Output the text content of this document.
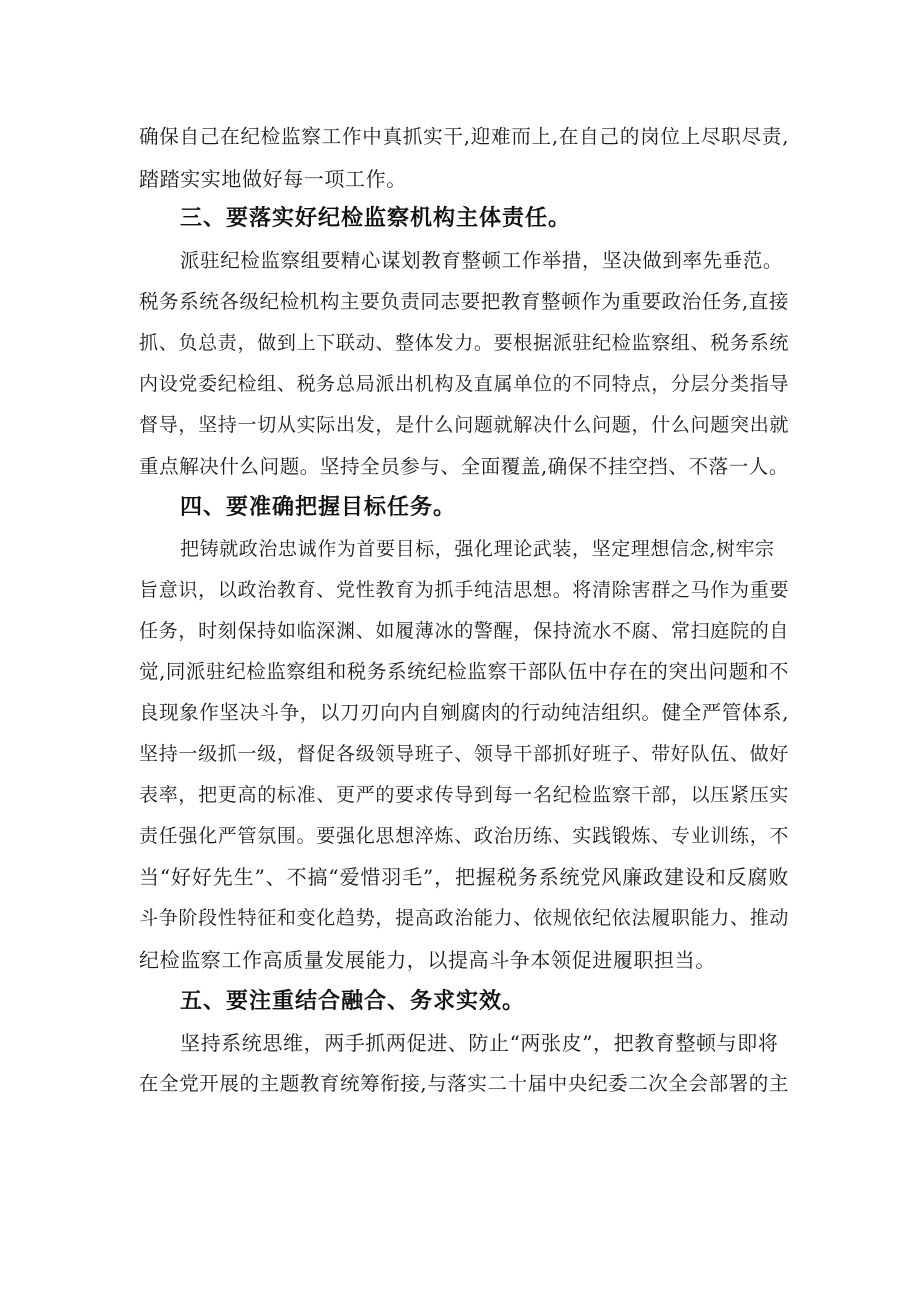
确保自己在纪检监察工作中真抓实干,迎难而上,在自己的岗位上尽职尽责,
踏踏实实地做好每一项工作。
三、要落实好纪检监察机构主体责任。
派驻纪检监察组要精心谋划教育整顿工作举措，坚决做到率先垂范。
税务系统各级纪检机构主要负责同志要把教育整顿作为重要政治任务,直接
抓、负总责，做到上下联动、整体发力。要根据派驻纪检监察组、税务系统
内设党委纪检组、税务总局派出机构及直属单位的不同特点，分层分类指导
督导，坚持一切从实际出发，是什么问题就解决什么问题，什么问题突出就
重点解决什么问题。坚持全员参与、全面覆盖,确保不挂空挡、不落一人。
四、要准确把握目标任务。
把铸就政治忠诚作为首要目标，强化理论武装，坚定理想信念,树牢宗
旨意识，以政治教育、党性教育为抓手纯洁思想。将清除害群之马作为重要
任务，时刻保持如临深渊、如履薄冰的警醒，保持流水不腐、常扫庭院的自
觉,同派驻纪检监察组和税务系统纪检监察干部队伍中存在的突出问题和不
良现象作坚决斗争，以刀刃向内自剜腐肉的行动纯洁组织。健全严管体系,
坚持一级抓一级，督促各级领导班子、领导干部抓好班子、带好队伍、做好
表率，把更高的标准、更严的要求传导到每一名纪检监察干部，以压紧压实
责任强化严管氛围。要强化思想淬炼、政治历练、实践锻炼、专业训练，不
当“好好先生”、不搞“爱惜羽毛”，把握税务系统党风廉政建设和反腐败
斗争阶段性特征和变化趋势，提高政治能力、依规依纪依法履职能力、推动
纪检监察工作高质量发展能力，以提高斗争本领促进履职担当。
五、要注重结合融合、务求实效。
坚持系统思维，两手抓两促进、防止“两张皮”，把教育整顿与即将
在全党开展的主题教育统筹衔接,与落实二十届中央纪委二次全会部署的主
